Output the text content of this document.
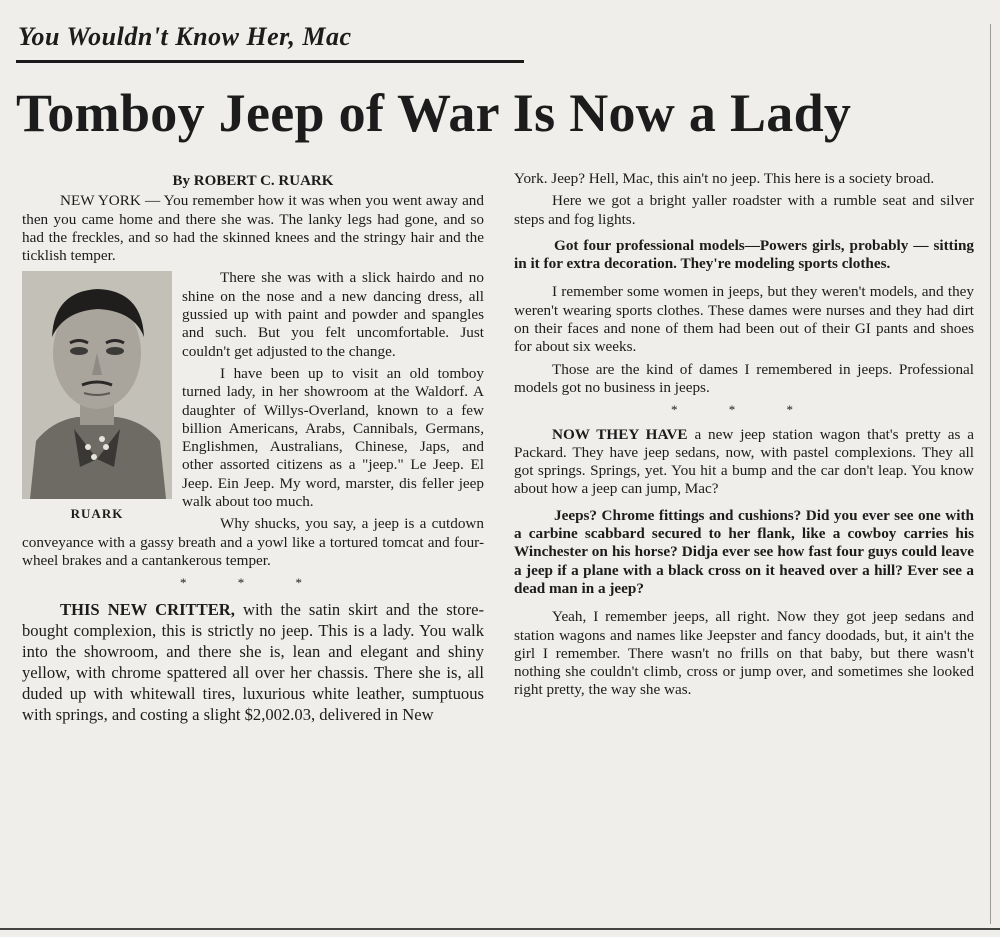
You Wouldn't Know Her, Mac
Tomboy Jeep of War Is Now a Lady
By ROBERT C. RUARK

NEW YORK — You remember how it was when you went away and then you came home and there she was. The lanky legs had gone, and so had the freckles, and so had the skinned knees and the stringy hair and the ticklish temper.

RUARK

There she was with a slick hairdo and no shine on the nose and a new dancing dress, all gussied up with paint and powder and spangles and such. But you felt uncomfortable. Just couldn't get adjusted to the change.

I have been up to visit an old tomboy turned lady, in her showroom at the Waldorf. A daughter of Willys-Overland, known to a few billion Americans, Arabs, Cannibals, Germans, Englishmen, Australians, Chinese, Japs, and other assorted citizens as a "jeep." Le Jeep. El Jeep. Ein Jeep. My word, marster, dis feller jeep walk about too much.

Why shucks, you say, a jeep is a cutdown conveyance with a gassy breath and a yowl like a tortured tomcat and four-wheel brakes and a cantankerous temper.

* * *

THIS NEW CRITTER, with the satin skirt and the store-bought complexion, this is strictly no jeep. This is a lady. You walk into the showroom, and there she is, lean and elegant and shiny yellow, with chrome spattered all over her chassis. There she is, all duded up with whitewall tires, luxurious white leather, sumptuous with springs, and costing a slight $2,002.03, delivered in New

York. Jeep? Hell, Mac, this ain't no jeep. This here is a society broad.

Here we got a bright yaller roadster with a rumble seat and silver steps and fog lights.

Got four professional models—Powers girls, probably — sitting in it for extra decoration. They're modeling sports clothes.

I remember some women in jeeps, but they weren't models, and they weren't wearing sports clothes. These dames were nurses and they had dirt on their faces and none of them had been out of their GI pants and shoes for about six weeks.

Those are the kind of dames I remembered in jeeps. Professional models got no business in jeeps.

* * *

NOW THEY HAVE a new jeep station wagon that's pretty as a Packard. They have jeep sedans, now, with pastel complexions. They all got springs. Springs, yet. You hit a bump and the car don't leap. You know about how a jeep can jump, Mac?

Jeeps? Chrome fittings and cushions? Did you ever see one with a carbine scabbard secured to her flank, like a cowboy carries his Winchester on his horse? Didja ever see how fast four guys could leave a jeep if a plane with a black cross on it heaved over a hill? Ever see a dead man in a jeep?

Yeah, I remember jeeps, all right. Now they got jeep sedans and station wagons and names like Jeepster and fancy doodads, but, it ain't the girl I remember. There wasn't no frills on that baby, but there wasn't nothing she couldn't climb, cross or jump over, and sometimes she looked right pretty, the way she was.
